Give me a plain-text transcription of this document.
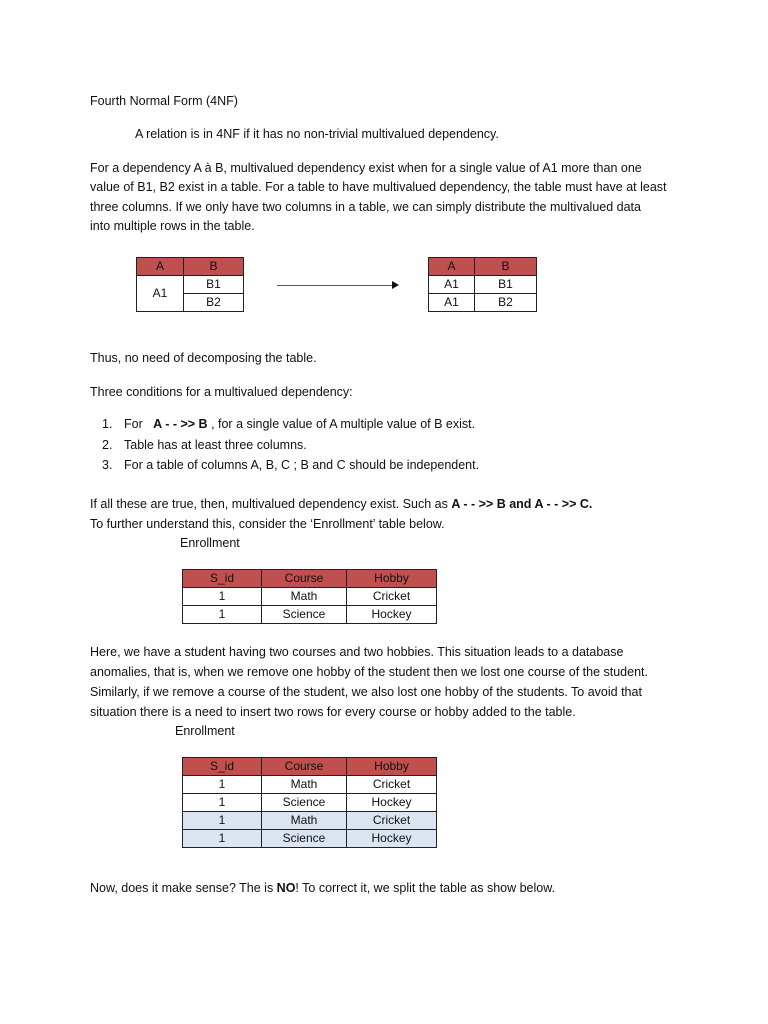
Fourth Normal Form (4NF)
A relation is in 4NF if it has no non-trivial multivalued dependency.
For a dependency A à B, multivalued dependency exist when for a single value of A1 more than one
value of B1, B2 exist in a table. For a table to have multivalued dependency, the table must have at least
three columns. If we only have two columns in a table, we can simply distribute the multivalued data
into multiple rows in the table.
A	B
A1	B1
	B2
A	B
A1	B1
A1	B2
Thus, no need of decomposing the table.
Three conditions for a multivalued dependency:
1. For   A - - >> B , for a single value of A multiple value of B exist.
2. Table has at least three columns.
3. For a table of columns A, B, C ; B and C should be independent.
If all these are true, then, multivalued dependency exist. Such as A - - >> B and A - - >> C.
To further understand this, consider the ‘Enrollment’ table below.
Enrollment
S_id	Course	Hobby
1	Math	Cricket
1	Science	Hockey
Here, we have a student having two courses and two hobbies. This situation leads to a database
anomalies, that is, when we remove one hobby of the student then we lost one course of the student.
Similarly, if we remove a course of the student, we also lost one hobby of the students. To avoid that
situation there is a need to insert two rows for every course or hobby added to the table.
Enrollment
S_id	Course	Hobby
1	Math	Cricket
1	Science	Hockey
1	Math	Cricket
1	Science	Hockey
Now, does it make sense? The is NO! To correct it, we split the table as show below.
